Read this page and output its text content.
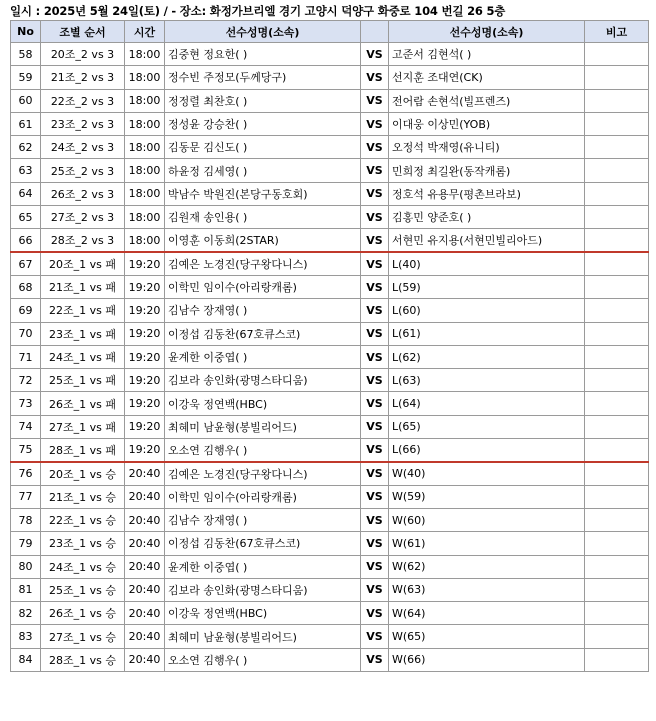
일시 : 2025년 5월 24일(토) / - 장소: 화정가브리엘 경기 고양시 덕양구 화중로 104 번길 26 5층
No	조별 순서	시간	선수성명(소속)		선수성명(소속)	비고
58	20조_2 vs 3	18:00	김중현 정요한( )	VS	고준서 김현석( )	
59	21조_2 vs 3	18:00	정수빈 주정모(두께당구)	VS	선지훈 조대연(CK)	
60	22조_2 vs 3	18:00	정정렬 최찬호( )	VS	전어람 손현석(빌프렌즈)	
61	23조_2 vs 3	18:00	정성윤 강승찬( )	VS	이대웅 이상민(YOB)	
62	24조_2 vs 3	18:00	김동문 김신도( )	VS	오정석 박재영(유니티)	
63	25조_2 vs 3	18:00	하윤정 김세영( )	VS	민희정 최길완(동작캐롬)	
64	26조_2 vs 3	18:00	박남수 박원진(본당구동호회)	VS	정호석 유용무(평촌브라보)	
65	27조_2 vs 3	18:00	김원재 송인용( )	VS	김홍민 양준호( )	
66	28조_2 vs 3	18:00	이영훈 이동희(2STAR)	VS	서현민 유지용(서현민빌리아드)	
67	20조_1 vs 패	19:20	김예은 노경진(당구왕다니스)	VS	L(40)	
68	21조_1 vs 패	19:20	이학민 임이수(아리랑캐롬)	VS	L(59)	
69	22조_1 vs 패	19:20	김남수 장재영( )	VS	L(60)	
70	23조_1 vs 패	19:20	이정섭 김동찬(67호큐스코)	VS	L(61)	
71	24조_1 vs 패	19:20	윤계한 이중엽( )	VS	L(62)	
72	25조_1 vs 패	19:20	김보라 송인화(광명스타디움)	VS	L(63)	
73	26조_1 vs 패	19:20	이강욱 정연백(HBC)	VS	L(64)	
74	27조_1 vs 패	19:20	최혜미 남윤형(봉빌리어드)	VS	L(65)	
75	28조_1 vs 패	19:20	오소연 김행우( )	VS	L(66)	
76	20조_1 vs 승	20:40	김예은 노경진(당구왕다니스)	VS	W(40)	
77	21조_1 vs 승	20:40	이학민 임이수(아리랑캐롬)	VS	W(59)	
78	22조_1 vs 승	20:40	김남수 장재영( )	VS	W(60)	
79	23조_1 vs 승	20:40	이정섭 김동찬(67호큐스코)	VS	W(61)	
80	24조_1 vs 승	20:40	윤계한 이중엽( )	VS	W(62)	
81	25조_1 vs 승	20:40	김보라 송인화(광명스타디움)	VS	W(63)	
82	26조_1 vs 승	20:40	이강욱 정연백(HBC)	VS	W(64)	
83	27조_1 vs 승	20:40	최혜미 남윤형(봉빌리어드)	VS	W(65)	
84	28조_1 vs 승	20:40	오소연 김행우( )	VS	W(66)	
